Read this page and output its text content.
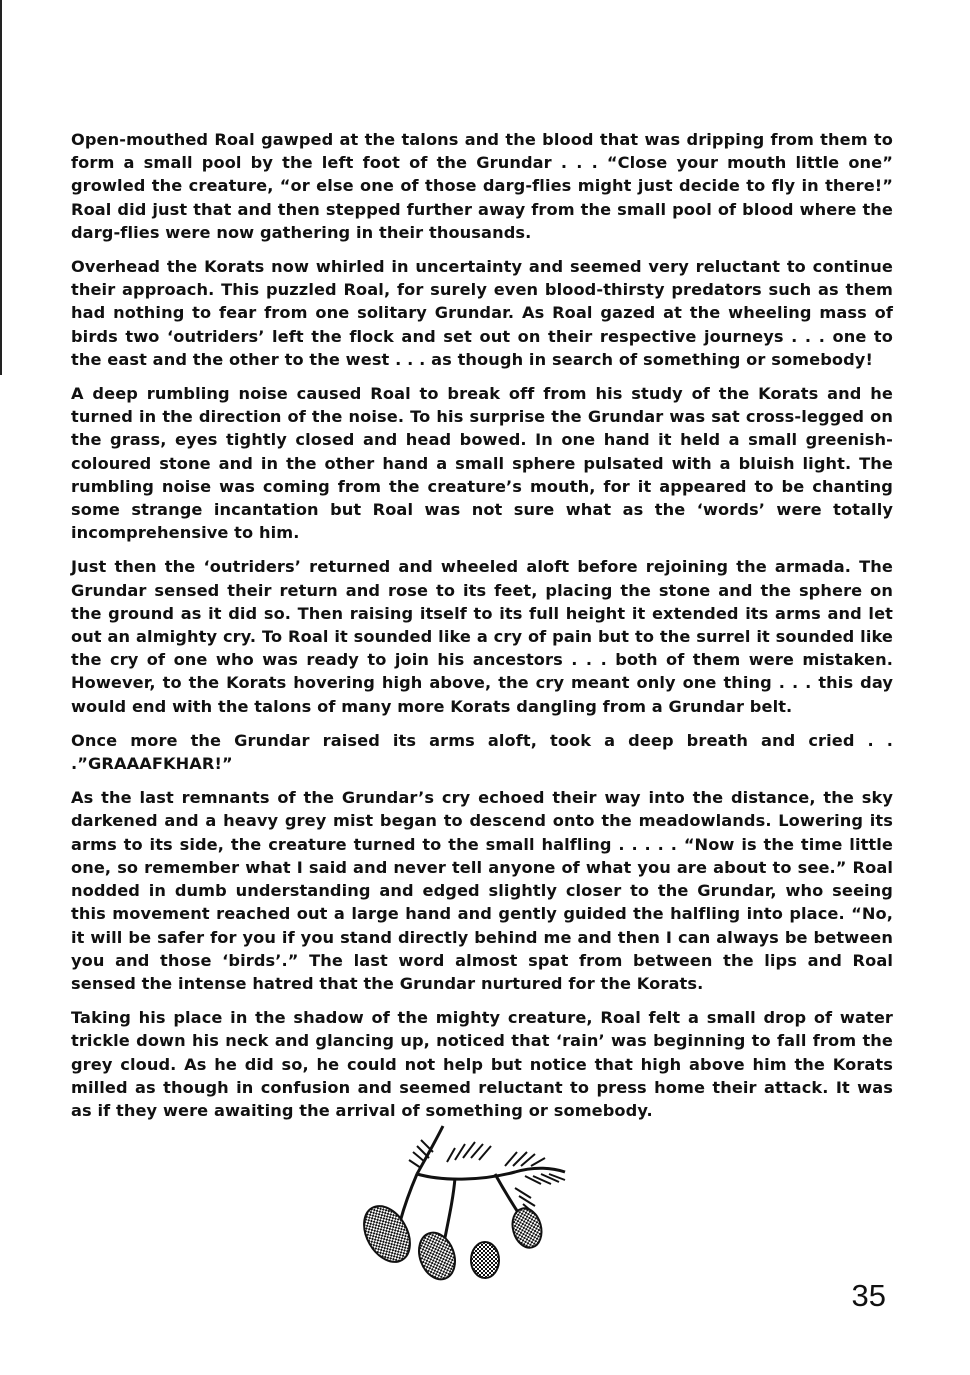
Open-mouthed Roal gawped at the talons and the blood that was dripping from them to form a small pool by the left foot of the Grundar . . . “Close your mouth little one” growled the creature, “or else one of those darg-flies might just decide to fly in there!” Roal did just that and then stepped further away from the small pool of blood where the darg-flies were now gathering in their thousands.

Overhead the Korats now whirled in uncertainty and seemed very reluctant to continue their approach. This puzzled Roal, for surely even blood-thirsty predators such as them had nothing to fear from one solitary Grundar. As Roal gazed at the wheeling mass of birds two ‘outriders’ left the flock and set out on their respective journeys . . . one to the east and the other to the west . . . as though in search of something or somebody!

A deep rumbling noise caused Roal to break off from his study of the Korats and he turned in the direction of the noise. To his surprise the Grundar was sat cross-legged on the grass, eyes tightly closed and head bowed. In one hand it held a small greenish-coloured stone and in the other hand a small sphere pulsated with a bluish light. The rumbling noise was coming from the creature’s mouth, for it appeared to be chanting some strange incantation but Roal was not sure what as the ‘words’ were totally incomprehensive to him.

Just then the ‘outriders’ returned and wheeled aloft before rejoining the armada. The Grundar sensed their return and rose to its feet, placing the stone and the sphere on the ground as it did so. Then raising itself to its full height it extended its arms and let out an almighty cry. To Roal it sounded like a cry of pain but to the surrel it sounded like the cry of one who was ready to join his ancestors . . . both of them were mistaken. However, to the Korats hovering high above, the cry meant only one thing . . . this day would end with the talons of many more Korats dangling from a Grundar belt.

Once more the Grundar raised its arms aloft, took a deep breath and cried . . .”GRAAAFKHAR!”

As the last remnants of the Grundar’s cry echoed their way into the distance, the sky darkened and a heavy grey mist began to descend onto the meadowlands. Lowering its arms to its side, the creature turned to the small halfling . . . . . “Now is the time little one, so remember what I said and never tell anyone of what you are about to see.” Roal nodded in dumb understanding and edged slightly closer to the Grundar, who seeing this movement reached out a large hand and gently guided the halfling into place. “No, it will be safer for you if you stand directly behind me and then I can always be between you and those ‘birds’.” The last word almost spat from between the lips and Roal sensed the intense hatred that the Grundar nurtured for the Korats.

Taking his place in the shadow of the mighty creature, Roal felt a small drop of water trickle down his neck and glancing up, noticed that ‘rain’ was beginning to fall from the grey cloud. As he did so, he could not help but notice that high above him the Korats milled as though in confusion and seemed reluctant to press home their attack. It was as if they were awaiting the arrival of something or somebody.

35
